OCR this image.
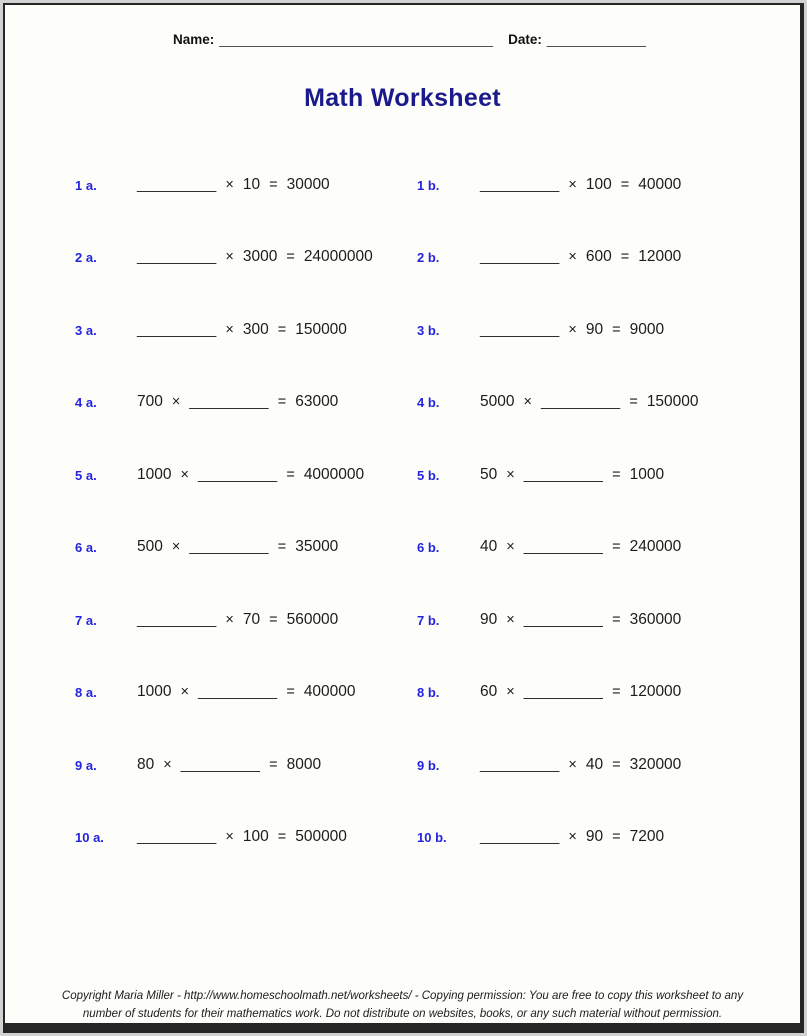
Name: ____________________________________ Date: _____________
Math Worksheet
1 a.	_________ × 10 = 30000	1 b.	_________ × 100 = 40000
2 a.	_________ × 3000 = 24000000	2 b.	_________ × 600 = 12000
3 a.	_________ × 300 = 150000	3 b.	_________ × 90 = 9000
4 a.	700 × _________ = 63000	4 b.	5000 × _________ = 150000
5 a.	1000 × _________ = 4000000	5 b.	50 × _________ = 1000
6 a.	500 × _________ = 35000	6 b.	40 × _________ = 240000
7 a.	_________ × 70 = 560000	7 b.	90 × _________ = 360000
8 a.	1000 × _________ = 400000	8 b.	60 × _________ = 120000
9 a.	80 × _________ = 8000	9 b.	_________ × 40 = 320000
10 a. _________ × 100 = 500000	10 b. _________ × 90 = 7200
Copyright Maria Miller - http://www.homeschoolmath.net/worksheets/ - Copying permission: You are free to copy this worksheet to any
number of students for their mathematics work. Do not distribute on websites, books, or any such material without permission.
